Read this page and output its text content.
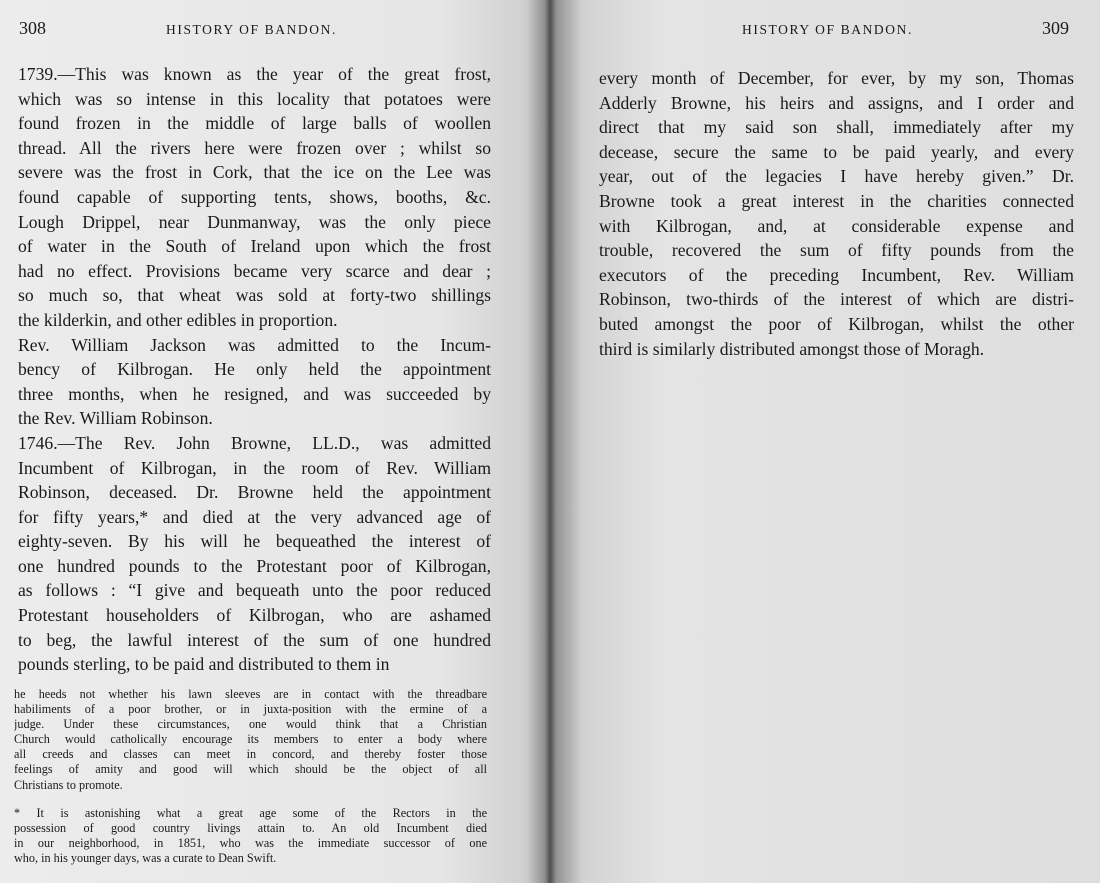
308	HISTORY OF BANDON.
1739.—This was known as the year of the great frost,
which was so intense in this locality that potatoes were
found frozen in the middle of large balls of woollen
thread. All the rivers here were frozen over ; whilst so
severe was the frost in Cork, that the ice on the Lee was
found capable of supporting tents, shows, booths, &c.
Lough Drippel, near Dunmanway, was the only piece
of water in the South of Ireland upon which the frost
had no effect. Provisions became very scarce and dear ;
so much so, that wheat was sold at forty-two shillings
the kilderkin, and other edibles in proportion.
Rev. William Jackson was admitted to the Incum-
bency of Kilbrogan. He only held the appointment
three months, when he resigned, and was succeeded by
the Rev. William Robinson.
1746.—The Rev. John Browne, LL.D., was admitted
Incumbent of Kilbrogan, in the room of Rev. William
Robinson, deceased. Dr. Browne held the appointment
for fifty years,* and died at the very advanced age of
eighty-seven. By his will he bequeathed the interest of
one hundred pounds to the Protestant poor of Kilbrogan,
as follows : “I give and bequeath unto the poor reduced
Protestant householders of Kilbrogan, who are ashamed
to beg, the lawful interest of the sum of one hundred
pounds sterling, to be paid and distributed to them in
he heeds not whether his lawn sleeves are in contact with the threadbare
habiliments of a poor brother, or in juxta-position with the ermine of a
judge. Under these circumstances, one would think that a Christian
Church would catholically encourage its members to enter a body where
all creeds and classes can meet in concord, and thereby foster those
feelings of amity and good will which should be the object of all
Christians to promote.
* It is astonishing what a great age some of the Rectors in the
possession of good country livings attain to. An old Incumbent died
in our neighborhood, in 1851, who was the immediate successor of one
who, in his younger days, was a curate to Dean Swift.
HISTORY OF BANDON.	309
every month of December, for ever, by my son, Thomas
Adderly Browne, his heirs and assigns, and I order and
direct that my said son shall, immediately after my
decease, secure the same to be paid yearly, and every
year, out of the legacies I have hereby given.” Dr.
Browne took a great interest in the charities connected
with Kilbrogan, and, at considerable expense and
trouble, recovered the sum of fifty pounds from the
executors of the preceding Incumbent, Rev. William
Robinson, two-thirds of the interest of which are distri-
buted amongst the poor of Kilbrogan, whilst the other
third is similarly distributed amongst those of Moragh.
